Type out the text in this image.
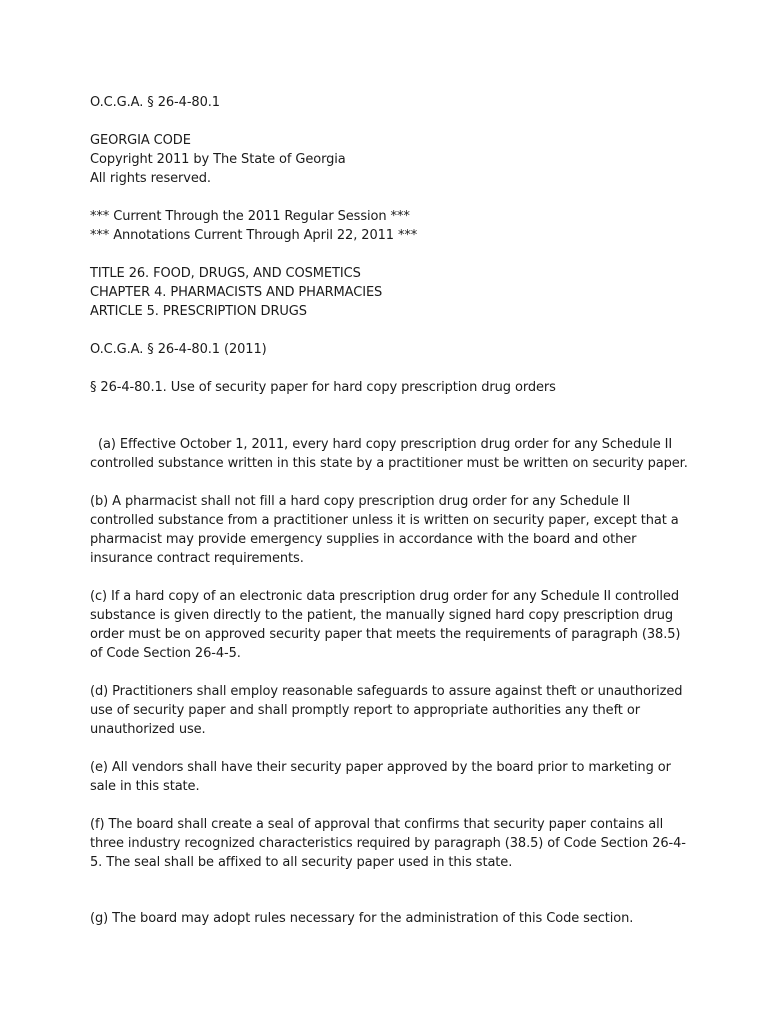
O.C.G.A. § 26-4-80.1

GEORGIA CODE

Copyright 2011 by The State of Georgia

All rights reserved.

*** Current Through the 2011 Regular Session ***

*** Annotations Current Through April 22, 2011 ***

TITLE 26. FOOD, DRUGS, AND COSMETICS

CHAPTER 4. PHARMACISTS AND PHARMACIES

ARTICLE 5. PRESCRIPTION DRUGS

O.C.G.A. § 26-4-80.1 (2011)

§ 26-4-80.1. Use of security paper for hard copy prescription drug orders

(a) Effective October 1, 2011, every hard copy prescription drug order for any Schedule II controlled substance written in this state by a practitioner must be written on security paper.

(b) A pharmacist shall not fill a hard copy prescription drug order for any Schedule II controlled substance from a practitioner unless it is written on security paper, except that a pharmacist may provide emergency supplies in accordance with the board and other insurance contract requirements.

(c) If a hard copy of an electronic data prescription drug order for any Schedule II controlled substance is given directly to the patient, the manually signed hard copy prescription drug order must be on approved security paper that meets the requirements of paragraph (38.5) of Code Section 26-4-5.

(d) Practitioners shall employ reasonable safeguards to assure against theft or unauthorized use of security paper and shall promptly report to appropriate authorities any theft or unauthorized use.

(e) All vendors shall have their security paper approved by the board prior to marketing or sale in this state.

(f) The board shall create a seal of approval that confirms that security paper contains all three industry recognized characteristics required by paragraph (38.5) of Code Section 26-4-5. The seal shall be affixed to all security paper used in this state.

(g) The board may adopt rules necessary for the administration of this Code section.
